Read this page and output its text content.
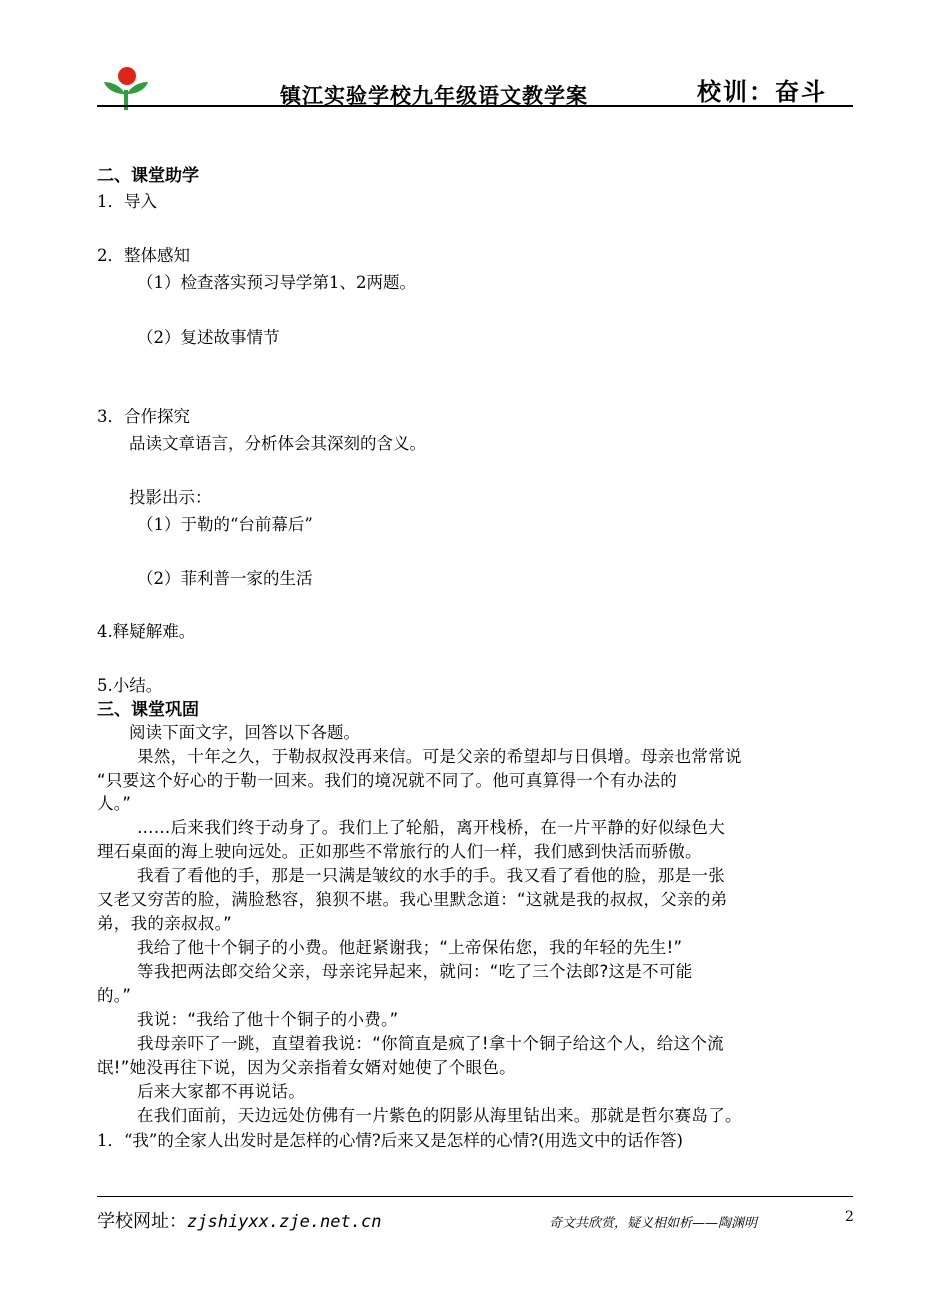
镇江实验学校九年级语文教学案	校训：奋斗
二、课堂助学
1．导入
2．整体感知
（1）检查落实预习导学第1、2两题。
（2）复述故事情节
3．合作探究
品读文章语言，分析体会其深刻的含义。
投影出示：
（1）于勒的“台前幕后”
（2）菲利普一家的生活
4.释疑解难。
5.小结。
三、课堂巩固
阅读下面文字，回答以下各题。
果然，十年之久，于勒叔叔没再来信。可是父亲的希望却与日俱增。母亲也常常说
“只要这个好心的于勒一回来。我们的境况就不同了。他可真算得一个有办法的
人。”
……后来我们终于动身了。我们上了轮船，离开栈桥，在一片平静的好似绿色大
理石桌面的海上驶向远处。正如那些不常旅行的人们一样，我们感到快活而骄傲。
我看了看他的手，那是一只满是皱纹的水手的手。我又看了看他的脸，那是一张
又老又穷苦的脸，满脸愁容，狼狈不堪。我心里默念道：“这就是我的叔叔，父亲的弟
弟，我的亲叔叔。”
我给了他十个铜子的小费。他赶紧谢我；“上帝保佑您，我的年轻的先生!”
等我把两法郎交给父亲，母亲诧异起来，就问：“吃了三个法郎?这是不可能
的。”
我说：“我给了他十个铜子的小费。”
我母亲吓了一跳，直望着我说：“你简直是疯了!拿十个铜子给这个人，给这个流
氓!”她没再往下说，因为父亲指着女婿对她使了个眼色。
后来大家都不再说话。
在我们面前，天边远处仿佛有一片紫色的阴影从海里钻出来。那就是哲尔赛岛了。
1．“我”的全家人出发时是怎样的心情?后来又是怎样的心情?(用选文中的话作答)
学校网址：zjshiyxx.zje.net.cn	奇文共欣赏，疑义相如析——陶渊明	2
